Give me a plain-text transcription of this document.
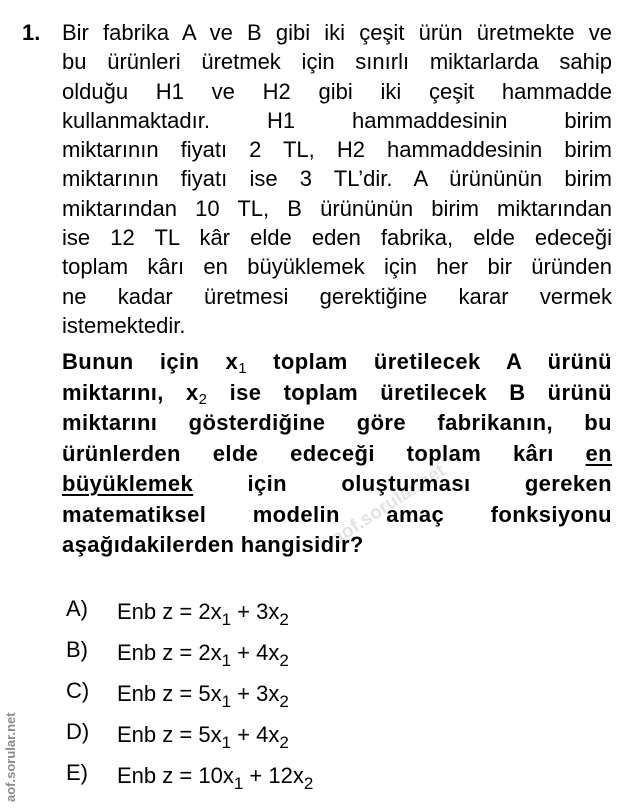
aof.sorular.net
1. Bir fabrika A ve B gibi iki çeşit ürün üretmekte ve
bu ürünleri üretmek için sınırlı miktarlarda sahip
olduğu H1 ve H2 gibi iki çeşit hammadde
kullanmaktadır. H1 hammaddesinin birim
miktarının fiyatı 2 TL, H2 hammaddesinin birim
miktarının fiyatı ise 3 TL’dir. A ürününün birim
miktarından 10 TL, B ürününün birim miktarından
ise 12 TL kâr elde eden fabrika, elde edeceği
toplam kârı en büyüklemek için her bir üründen
ne kadar üretmesi gerektiğine karar vermek
istemektedir.
Bunun için $x_1$ toplam üretilecek A ürünü
miktarını, $x_2$ ise toplam üretilecek B ürünü
miktarını gösterdiğine göre fabrikanın, bu
ürünlerden elde edeceği toplam kârı en
büyüklemek için oluşturması gereken
matematiksel modelin amaç fonksiyonu
aşağıdakilerden hangisidir?
A) Enb $z = 2x_1 + 3x_2$
B) Enb $z = 2x_1 + 4x_2$
C) Enb $z = 5x_1 + 3x_2$
D) Enb $z = 5x_1 + 4x_2$
E) Enb $z = 10x_1 + 12x_2$
aof.sorular.net
